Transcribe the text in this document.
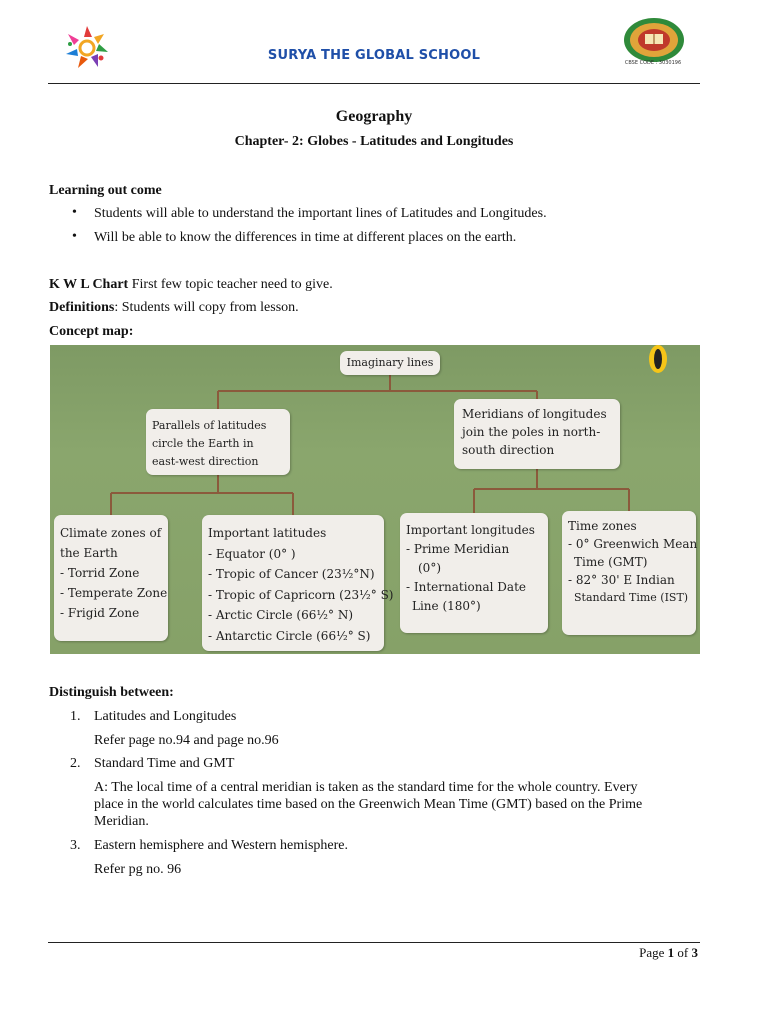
SURYA THE GLOBAL SCHOOL	CBSE CODE : 3030196
Geography
Chapter- 2: Globes - Latitudes and Longitudes
Learning out come
• Students will able to understand the important lines of Latitudes and Longitudes.
• Will be able to know the differences in time at different places on the earth.
K W L Chart First few topic teacher need to give.
Definitions: Students will copy from lesson.
Concept map:
Imaginary lines
Parallels of latitudes
circle the Earth in
east-west direction
Meridians of longitudes
join the poles in north-
south direction
Climate zones of
the Earth
- Torrid Zone
- Temperate Zone
- Frigid Zone
Important latitudes
- Equator (0° )
- Tropic of Cancer (23½°N)
- Tropic of Capricorn (23½° S)
- Arctic Circle (66½° N)
- Antarctic Circle (66½° S)
Important longitudes
- Prime Meridian
(0°)
- International Date
Line (180°)
Time zones
- 0° Greenwich Mean
Time (GMT)
- 82° 30' E Indian
Standard Time (IST)
Distinguish between:
1. Latitudes and Longitudes
Refer page no.94 and page no.96
2. Standard Time and GMT
A: The local time of a central meridian is taken as the standard time for the whole country. Every
place in the world calculates time based on the Greenwich Mean Time (GMT) based on the Prime
Meridian.
3. Eastern hemisphere and Western hemisphere.
Refer pg no. 96
Page 1 of 3
